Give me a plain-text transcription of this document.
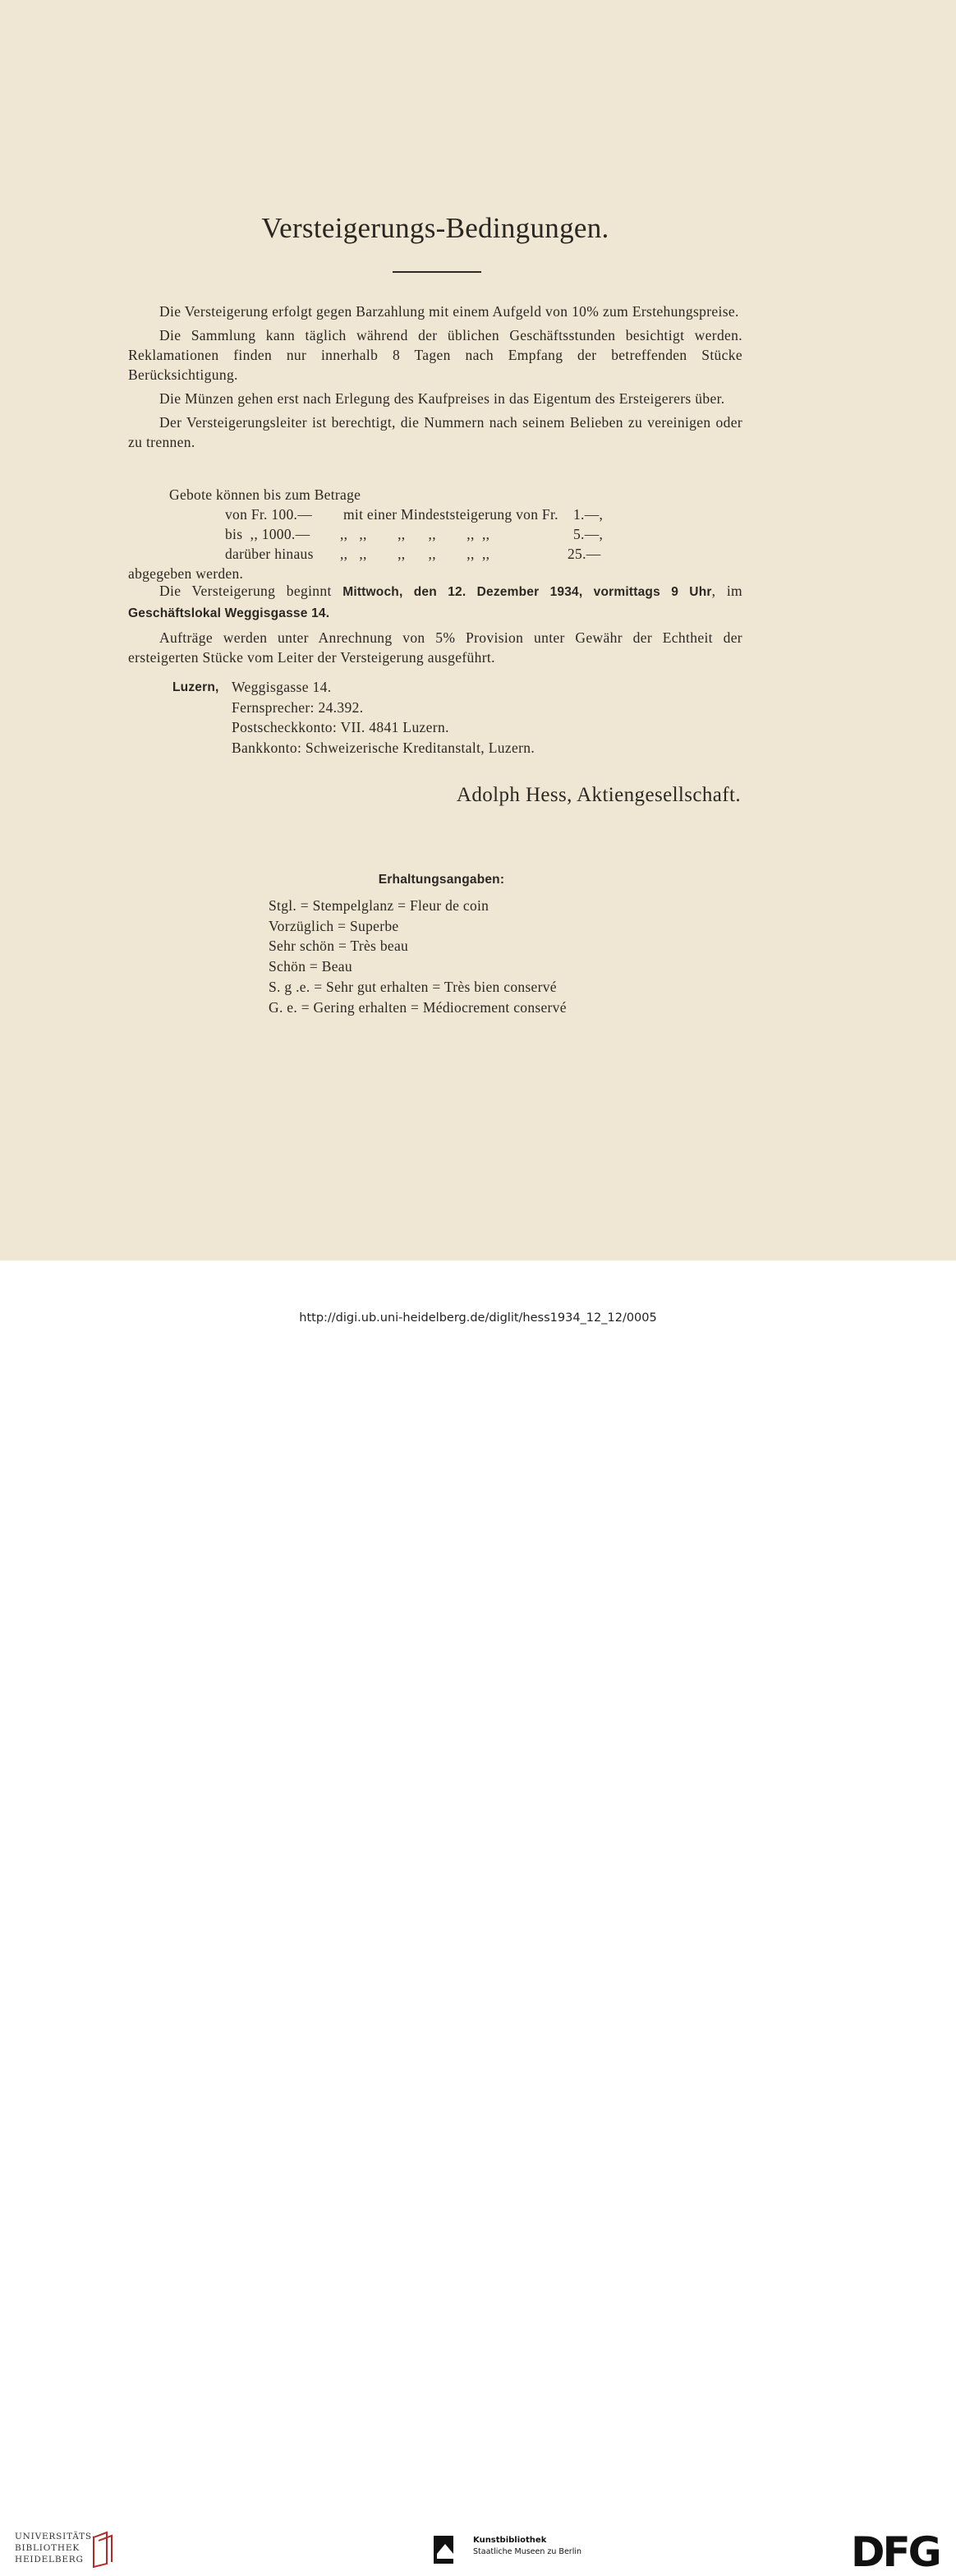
Versteigerungs-Bedingungen.

Die Versteigerung erfolgt gegen Barzahlung mit einem Aufgeld von 10% zum Erstehungspreise.

Die Sammlung kann täglich während der üblichen Geschäftsstunden besichtigt werden. Reklamationen finden nur innerhalb 8 Tagen nach Empfang der betreffenden Stücke Berücksichtigung.

Die Münzen gehen erst nach Erlegung des Kaufpreises in das Eigentum des Ersteigerers über.

Der Versteigerungsleiter ist berechtigt, die Nummern nach seinem Belieben zu vereinigen oder zu trennen.

Gebote können bis zum Betrage
von Fr. 100.— mit einer Mindeststeigerung von Fr. 1.—,
bis  ,, 1000.— ,,   ,,        ,,      ,,        ,,  ,,	5.—,
darüber hinaus ,,   ,,        ,,      ,,        ,,  ,,	25.—
abgegeben werden.

Die Versteigerung beginnt Mittwoch, den 12. Dezember 1934, vormittags 9 Uhr, im Geschäftslokal Weggisgasse 14.

Aufträge werden unter Anrechnung von 5% Provision unter Gewähr der Echtheit der ersteigerten Stücke vom Leiter der Versteigerung ausgeführt.

Luzern, Weggisgasse 14.
Fernsprecher: 24.392.
Postscheckkonto: VII. 4841 Luzern.
Bankkonto: Schweizerische Kreditanstalt, Luzern.
Adolph Hess, Aktiengesellschaft.
Erhaltungsangaben:
Stgl. = Stempelglanz = Fleur de coin
Vorzüglich = Superbe
Sehr schön = Très beau
Schön = Beau
S. g .e. = Sehr gut erhalten = Très bien conservé
G. e. = Gering erhalten = Médiocrement conservé
UNIVERSITÄTS-
BIBLIOTHEK
HEIDELBERG
Kunstbibliothek
Staatliche Museen zu Berlin	DFG
http://digi.ub.uni-heidelberg.de/diglit/hess1934_12_12/0005
